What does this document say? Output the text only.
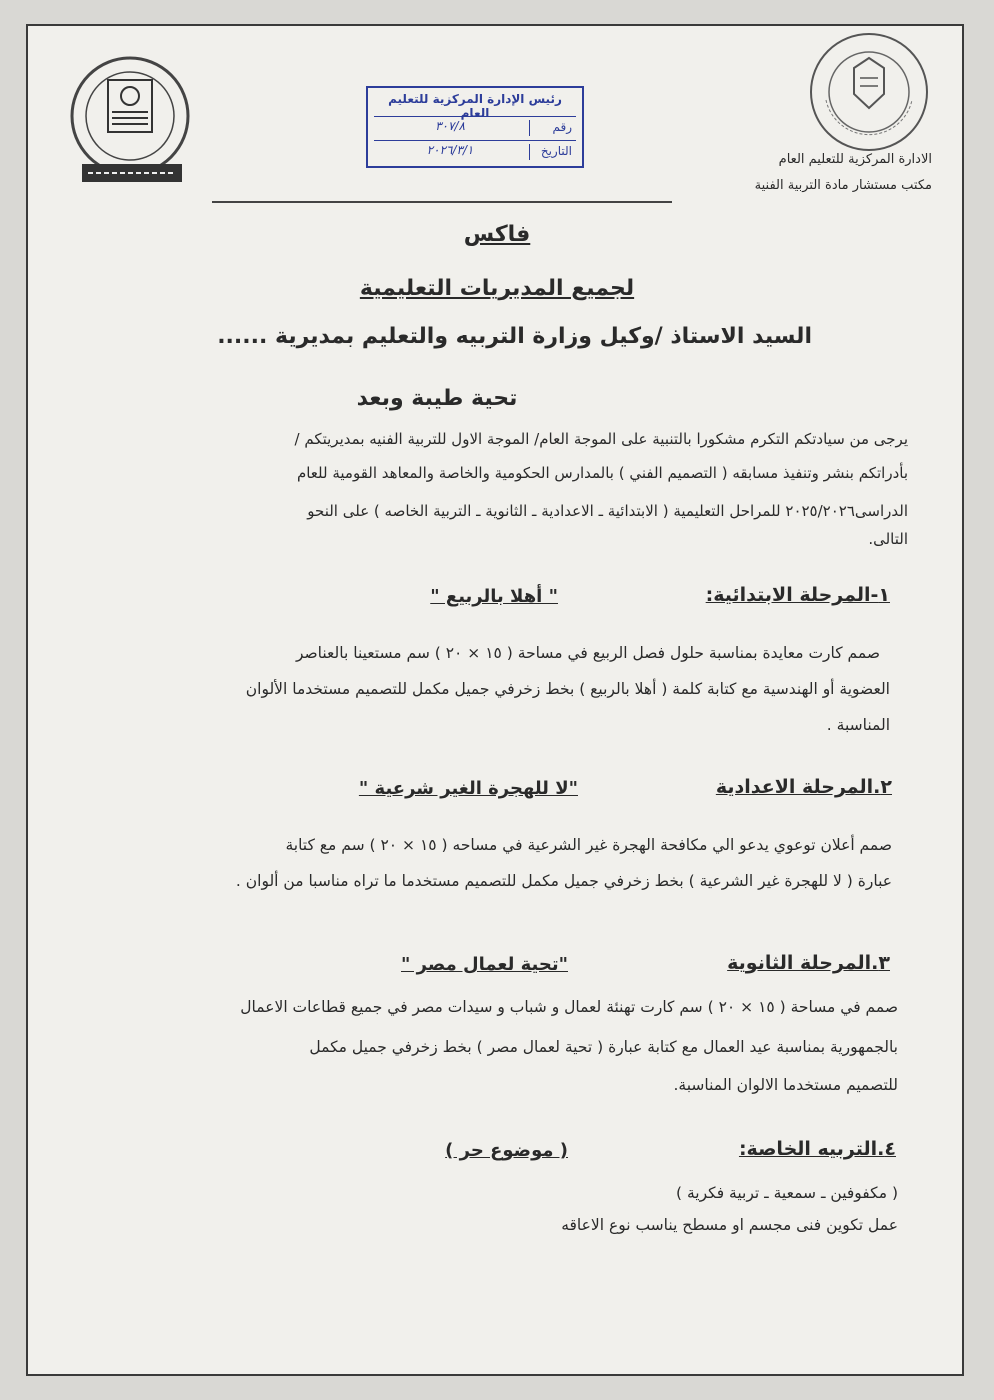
الادارة المركزية للتعليم العام
مكتب مستشار مادة التربية الفنية
رئيس الإدارة المركزية للتعليم العام
رقم
٣٠٧/٨
التاريخ
٢٠٢٦/٣/١
فاكس
لجميع المديريات التعليمية
السيد الاستاذ /وكيل وزارة التربيه والتعليم بمديرية ......
تحية طيبة وبعد
يرجى من سيادتكم التكرم مشكورا بالتنبية على الموجة العام/ الموجة الاول للتربية الفنيه بمديريتكم /
بأدراتكم بنشر وتنفيذ مسابقه ( التصميم الفني ) بالمدارس الحكومية والخاصة والمعاهد القومية للعام
الدراسى٢٠٢٥/٢٠٢٦ للمراحل التعليمية ( الابتدائية ـ الاعدادية ـ الثانوية ـ التربية الخاصه ) على النحو
التالى.
١-المرحلة الابتدائية:
" أهلا بالربيع "
صمم كارت معايدة بمناسبة حلول فصل الربيع في مساحة ( ١٥ × ٢٠ ) سم مستعينا بالعناصر
العضوية أو الهندسية مع كتابة كلمة ( أهلا بالربيع ) بخط زخرفي جميل مكمل للتصميم مستخدما الألوان
المناسبة .
٢.المرحلة الاعدادية
"لا للهجرة الغير شرعية "
صمم أعلان توعوي يدعو الي مكافحة الهجرة غير الشرعية في مساحه ( ١٥ × ٢٠ ) سم مع كتابة
عبارة ( لا للهجرة غير الشرعية ) بخط زخرفي جميل مكمل للتصميم مستخدما ما تراه مناسبا من ألوان .
٣.المرحلة الثانوية
"تحية لعمال مصر "
صمم في مساحة ( ١٥ × ٢٠ ) سم كارت تهنئة لعمال و شباب و سيدات مصر في جميع قطاعات الاعمال
بالجمهورية بمناسبة عيد العمال مع كتابة عبارة ( تحية لعمال مصر ) بخط زخرفي جميل مكمل
للتصميم مستخدما الالوان المناسبة.
٤.التربيه الخاصة:
( موضوع حر )
( مكفوفين ـ سمعية ـ تربية فكرية )
عمل تكوين فنى مجسم او مسطح يناسب نوع الاعاقه
